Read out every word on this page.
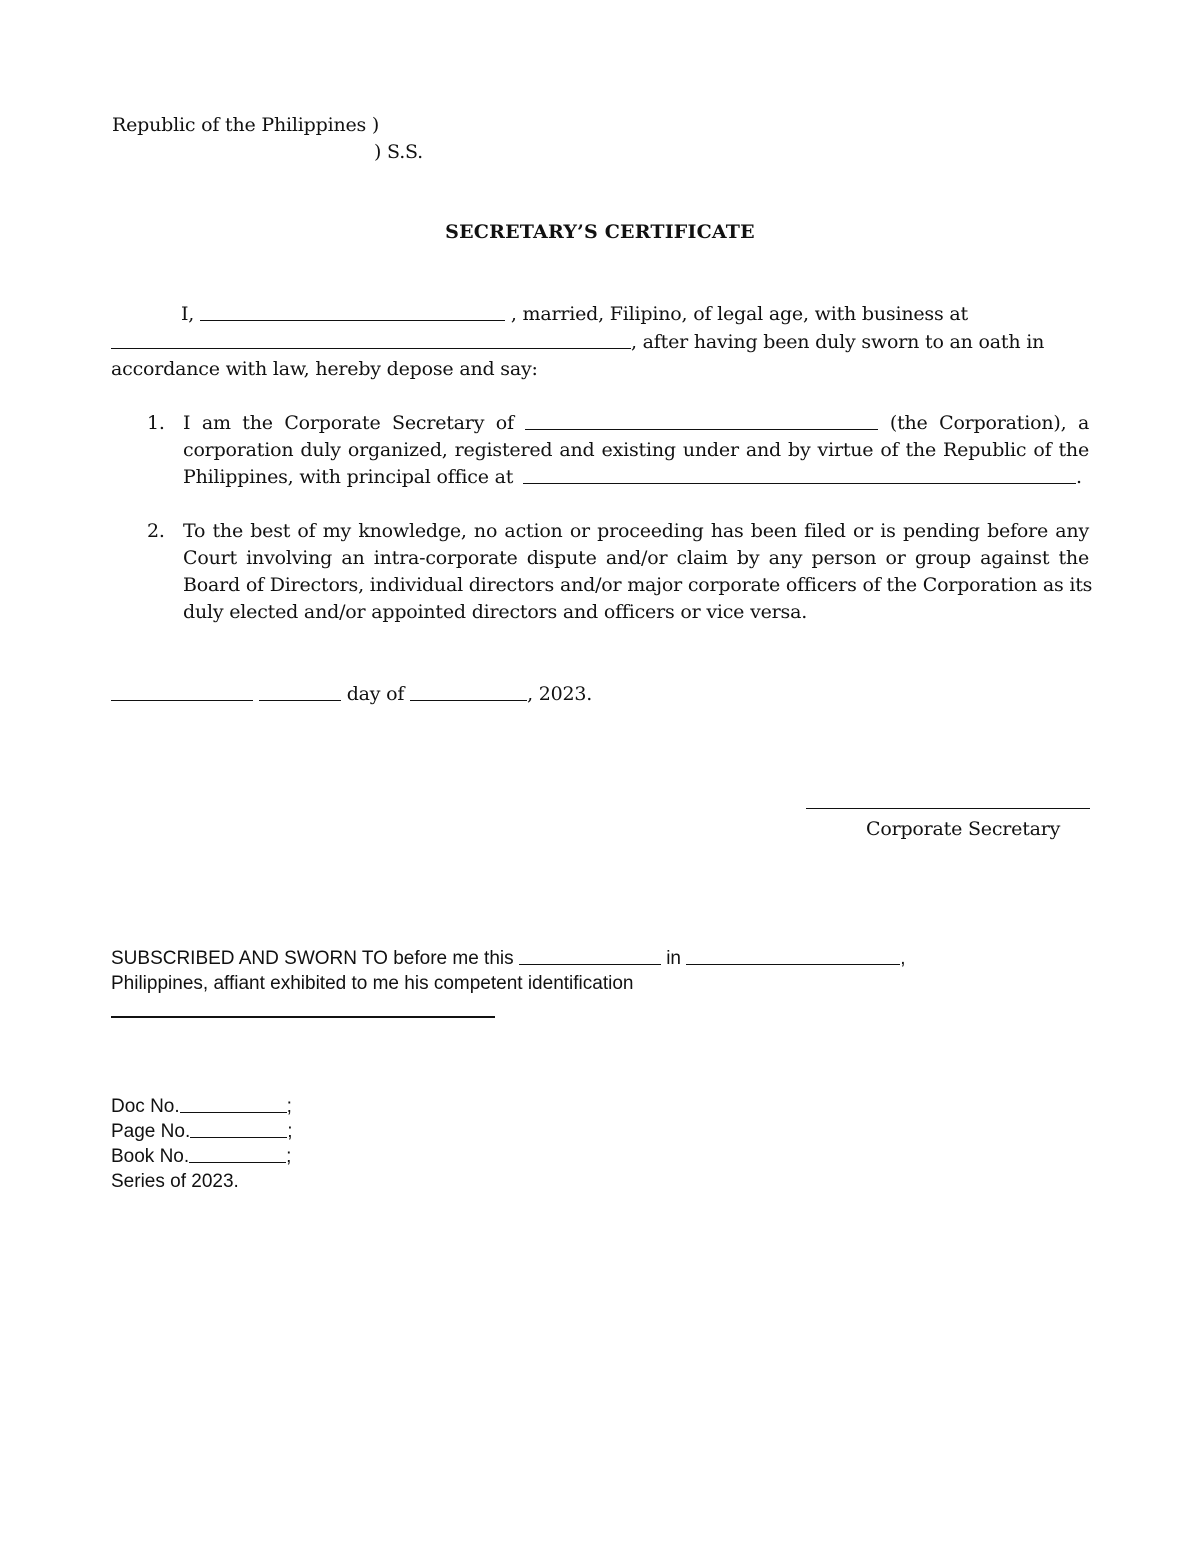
Republic of the Philippines )
) S.S.
SECRETARY’S CERTIFICATE
I,	, married, Filipino, of legal age, with business at
, after having been duly sworn to an oath in
accordance with law, hereby depose and say:
1. I am the Corporate Secretary of	(the Corporation), a
corporation duly organized, registered and existing under and by virtue of the Republic of the
Philippines, with principal office at	.
2. To the best of my knowledge, no action or proceeding has been filed or is pending before any
Court involving an intra-corporate dispute and/or claim by any person or group against the
Board of Directors, individual directors and/or major corporate officers of the Corporation as its
duly elected and/or appointed directors and officers or vice versa.
day of	, 2023.
Corporate Secretary
SUBSCRIBED AND SWORN TO before me this	in	,
Philippines, affiant exhibited to me his competent identification
Doc No.	;
Page No.	;
Book No.	;
Series of 2023.
